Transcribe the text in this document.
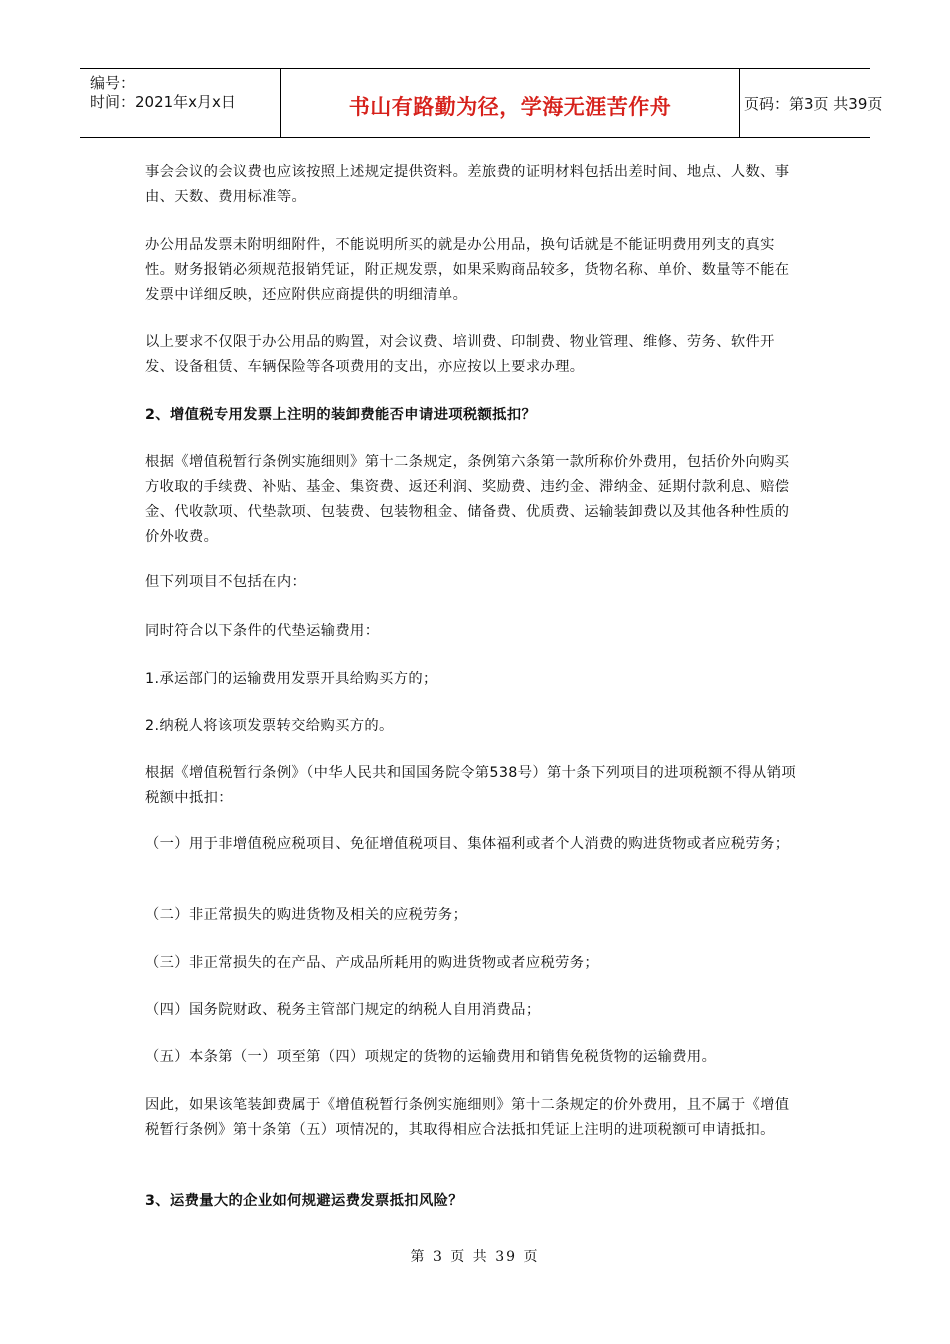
编号：
时间：2021年x月x日	书山有路勤为径，学海无涯苦作舟	页码：第3页 共39页

事会会议的会议费也应该按照上述规定提供资料。差旅费的证明材料包括出差时间、地点、人数、事由、天数、费用标准等。

办公用品发票未附明细附件，不能说明所买的就是办公用品，换句话就是不能证明费用列支的真实性。财务报销必须规范报销凭证，附正规发票，如果采购商品较多，货物名称、单价、数量等不能在发票中详细反映，还应附供应商提供的明细清单。

以上要求不仅限于办公用品的购置，对会议费、培训费、印制费、物业管理、维修、劳务、软件开发、设备租赁、车辆保险等各项费用的支出，亦应按以上要求办理。

2、增值税专用发票上注明的装卸费能否申请进项税额抵扣？

根据《增值税暂行条例实施细则》第十二条规定，条例第六条第一款所称价外费用，包括价外向购买方收取的手续费、补贴、基金、集资费、返还利润、奖励费、违约金、滞纳金、延期付款利息、赔偿金、代收款项、代垫款项、包装费、包装物租金、储备费、优质费、运输装卸费以及其他各种性质的价外收费。

但下列项目不包括在内：

同时符合以下条件的代垫运输费用：

1.承运部门的运输费用发票开具给购买方的；

2.纳税人将该项发票转交给购买方的。

根据《增值税暂行条例》（中华人民共和国国务院令第538号）第十条下列项目的进项税额不得从销项税额中抵扣：

（一）用于非增值税应税项目、免征增值税项目、集体福利或者个人消费的购进货物或者应税劳务；

（二）非正常损失的购进货物及相关的应税劳务；

（三）非正常损失的在产品、产成品所耗用的购进货物或者应税劳务；

（四）国务院财政、税务主管部门规定的纳税人自用消费品；

（五）本条第（一）项至第（四）项规定的货物的运输费用和销售免税货物的运输费用。

因此，如果该笔装卸费属于《增值税暂行条例实施细则》第十二条规定的价外费用，且不属于《增值税暂行条例》第十条第（五）项情况的，其取得相应合法抵扣凭证上注明的进项税额可申请抵扣。

3、运费量大的企业如何规避运费发票抵扣风险？

第 3 页 共 39 页
